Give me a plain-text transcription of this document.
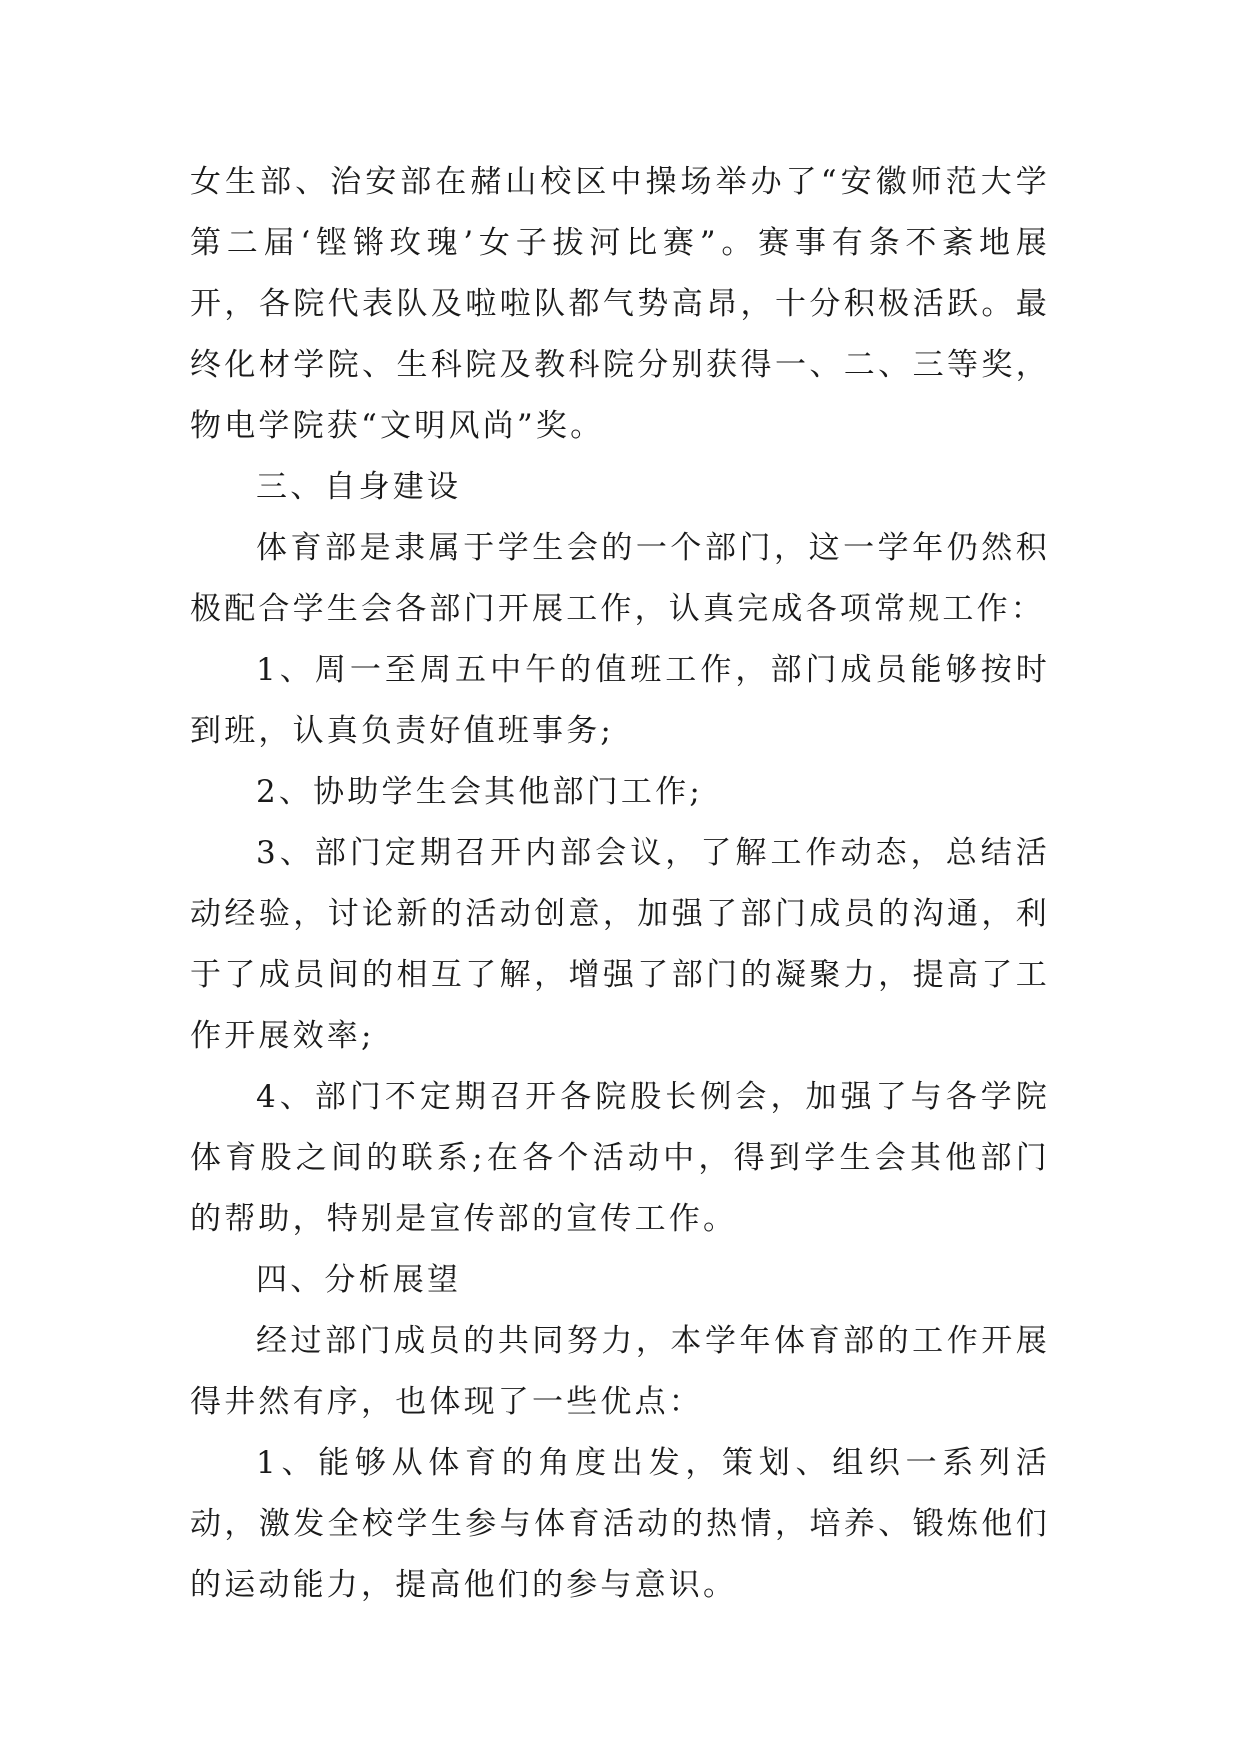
女生部、治安部在赭山校区中操场举办了“安徽师范大学第二届‘铿锵玫瑰’女子拔河比赛”。赛事有条不紊地展开，各院代表队及啦啦队都气势高昂，十分积极活跃。最终化材学院、生科院及教科院分别获得一、二、三等奖，物电学院获“文明风尚”奖。

三、自身建设

体育部是隶属于学生会的一个部门，这一学年仍然积极配合学生会各部门开展工作，认真完成各项常规工作：

1、周一至周五中午的值班工作，部门成员能够按时到班，认真负责好值班事务;

2、协助学生会其他部门工作;

3、部门定期召开内部会议，了解工作动态，总结活动经验，讨论新的活动创意，加强了部门成员的沟通，利于了成员间的相互了解，增强了部门的凝聚力，提高了工作开展效率;

4、部门不定期召开各院股长例会，加强了与各学院体育股之间的联系;在各个活动中，得到学生会其他部门的帮助，特别是宣传部的宣传工作。

四、分析展望

经过部门成员的共同努力，本学年体育部的工作开展得井然有序，也体现了一些优点：

1、能够从体育的角度出发，策划、组织一系列活动，激发全校学生参与体育活动的热情，培养、锻炼他们的运动能力，提高他们的参与意识。
